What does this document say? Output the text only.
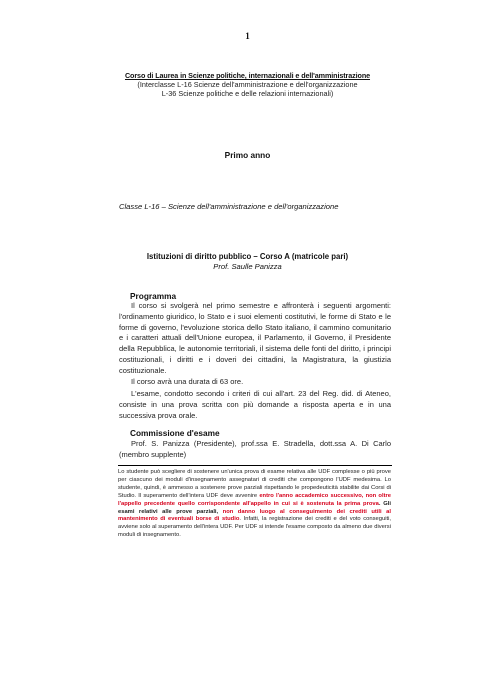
1
Corso di Laurea in Scienze politiche, internazionali e dell'amministrazione
(Interclasse L-16 Scienze dell'amministrazione e dell'organizzazione
L-36 Scienze politiche e delle relazioni internazionali)
Primo anno
Classe L-16 – Scienze dell'amministrazione e dell'organizzazione
Istituzioni di diritto pubblico – Corso A (matricole pari)
Prof. Saulle Panizza
Programma
Il corso si svolgerà nel primo semestre e affronterà i seguenti argomenti: l'ordinamento giuridico, lo Stato e i suoi elementi costitutivi, le forme di Stato e le forme di governo, l'evoluzione storica dello Stato italiano, il cammino comunitario e i caratteri attuali dell'Unione europea, il Parlamento, il Governo, il Presidente della Repubblica, le autonomie territoriali, il sistema delle fonti del diritto, i principi costituzionali, i diritti e i doveri dei cittadini, la Magistratura, la giustizia costituzionale.
Il corso avrà una durata di 63 ore.
L'esame, condotto secondo i criteri di cui all'art. 23 del Reg. did. di Ateneo, consiste in una prova scritta con più domande a risposta aperta e in una successiva prova orale.
Commissione d'esame
Prof. S. Panizza (Presidente), prof.ssa E. Stradella, dott.ssa A. Di Carlo (membro supplente)
Lo studente può scegliere di sostenere un'unica prova di esame relativa alle UDF complesse o più prove per ciascuno dei moduli d'insegnamento assegnatari di crediti che compongono l'UDF medesima. Lo studente, quindi, è ammesso a sostenere prove parziali rispettando le propedeuticità stabilite dai Corsi di Studio. Il superamento dell'intera UDF deve avvenire entro l'anno accademico successivo, non oltre l'appello precedente quello corrispondente all'appello in cui si è sostenuta la prima prova. Gli esami relativi alle prove parziali, non danno luogo al conseguimento dei crediti utili al mantenimento di eventuali borse di studio. Infatti, la registrazione dei crediti e del voto conseguiti, avviene solo al superamento dell'intera UDF. Per UDF si intende l'esame composto da almeno due diversi moduli di insegnamento.
